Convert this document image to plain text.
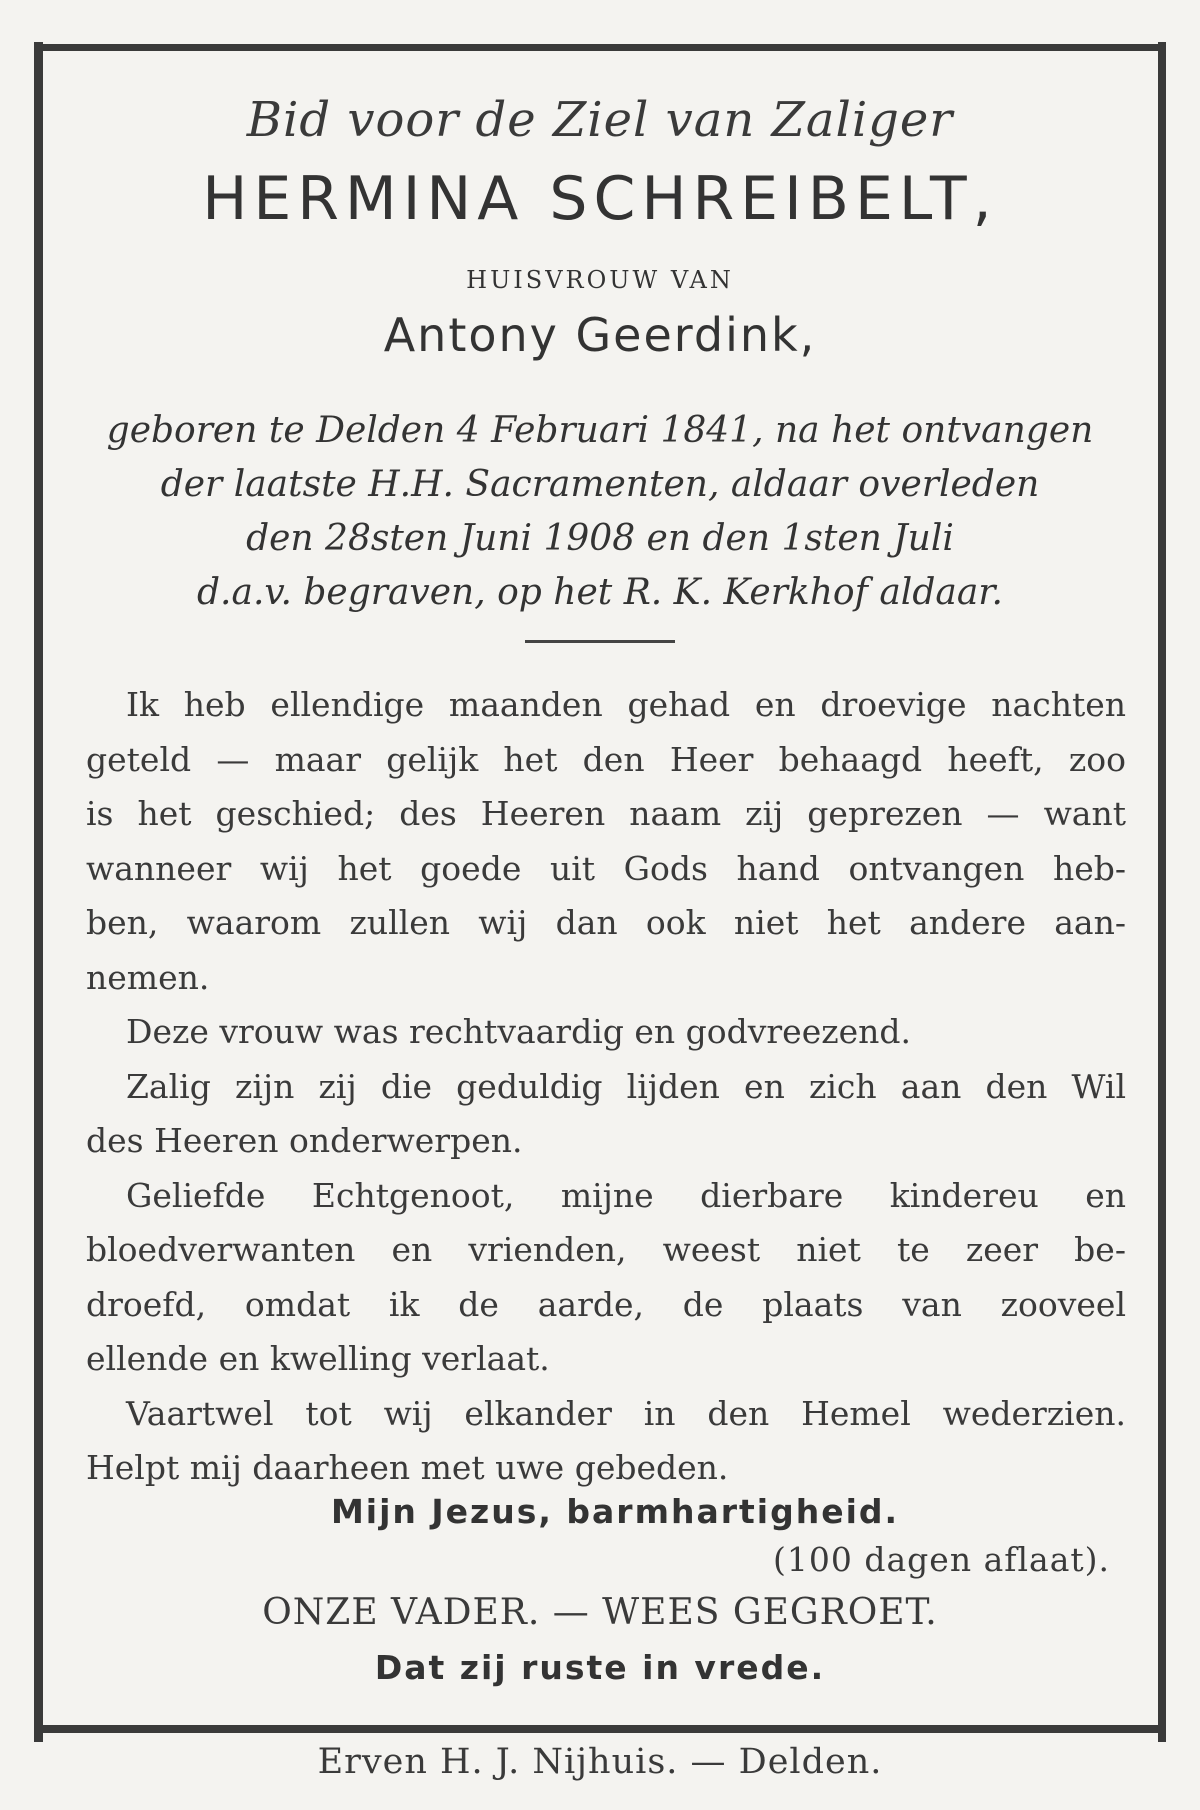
Bid voor de Ziel van Zaliger
HERMINA SCHREIBELT,
HUISVROUW VAN
Antony Geerdink,
geboren te Delden 4 Februari 1841, na het ontvangen
der laatste H.H. Sacramenten, aldaar overleden
den 28sten Juni 1908 en den 1sten Juli
d.a.v. begraven, op het R. K. Kerkhof aldaar.
Ik heb ellendige maanden gehad en droevige nachten
geteld — maar gelijk het den Heer behaagd heeft, zoo
is het geschied; des Heeren naam zij geprezen — want
wanneer wij het goede uit Gods hand ontvangen heb-
ben, waarom zullen wij dan ook niet het andere aan-
nemen.
Deze vrouw was rechtvaardig en godvreezend.
Zalig zijn zij die geduldig lijden en zich aan den Wil
des Heeren onderwerpen.
Geliefde Echtgenoot, mijne dierbare kindereu en
bloedverwanten en vrienden, weest niet te zeer be-
droefd, omdat ik de aarde, de plaats van zooveel
ellende en kwelling verlaat.
Vaartwel tot wij elkander in den Hemel wederzien.
Helpt mij daarheen met uwe gebeden.
Mijn Jezus, barmhartigheid.
(100 dagen aflaat).
ONZE VADER. — WEES GEGROET.
Dat zij ruste in vrede.
Erven H. J. Nijhuis. — Delden.
